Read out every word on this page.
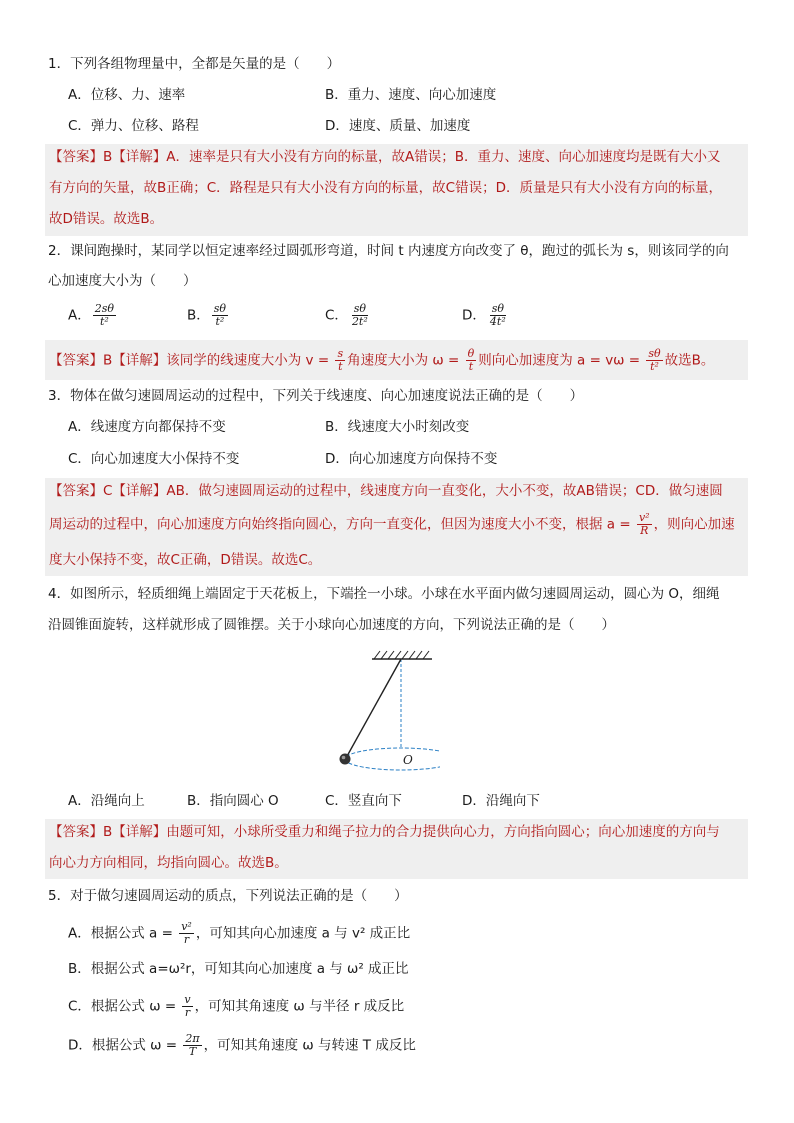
1．下列各组物理量中，全都是矢量的是（　　）
A．位移、力、速率	B．重力、速度、向心加速度
C．弹力、位移、路程	D．速度、质量、加速度
【答案】B【详解】A．速率是只有大小没有方向的标量，故A错误；B．重力、速度、向心加速度均是既有大小又
有方向的矢量，故B正确；C．路程是只有大小没有方向的标量，故C错误；D．质量是只有大小没有方向的标量，
故D错误。故选B。
2．课间跑操时，某同学以恒定速率经过圆弧形弯道，时间 t 内速度方向改变了 θ，跑过的弧长为 s，则该同学的向
心加速度大小为（　　）
A． $\frac{2s\theta}{\text{t²}}$	B． $\frac{s\theta}{\text{t²}}$	C． $\frac{s\theta}{\text{2t²}}$	D． $\frac{s\theta}{\text{4t²}}$
【答案】B【详解】该同学的线速度大小为 $v = \frac{s}{t}$ 角速度大小为 $\omega = \frac{\theta}{t}$ 则向心加速度为 $a = v\omega = \frac{s\theta}{\text{t²}}$ 故选B。
3．物体在做匀速圆周运动的过程中，下列关于线速度、向心加速度说法正确的是（　　）
A．线速度方向都保持不变	B．线速度大小时刻改变
C．向心加速度大小保持不变	D．向心加速度方向保持不变
【答案】C【详解】AB．做匀速圆周运动的过程中，线速度方向一直变化，大小不变，故AB错误；CD．做匀速圆
周运动的过程中，向心加速度方向始终指向圆心，方向一直变化，但因为速度大小不变，根据 $a = \frac{\text{v²}}{R}$ ，则向心加速
度大小保持不变，故C正确，D错误。故选C。
4．如图所示，轻质细绳上端固定于天花板上，下端拴一小球。小球在水平面内做匀速圆周运动，圆心为 O，细绳
沿圆锥面旋转，这样就形成了圆锥摆。关于小球向心加速度的方向，下列说法正确的是（　　）
O
A．沿绳向上	B．指向圆心 O	C．竖直向下	D．沿绳向下
【答案】B【详解】由题可知，小球所受重力和绳子拉力的合力提供向心力，方向指向圆心；向心加速度的方向与
向心力方向相同，均指向圆心。故选B。
5．对于做匀速圆周运动的质点，下列说法正确的是（　　）
A．根据公式 $a = \frac{\text{v²}}{r}$ ，可知其向心加速度 a 与 v² 成正比
B．根据公式 a=ω²r，可知其向心加速度 a 与 ω² 成正比
C．根据公式 $\omega = \frac{v}{r}$ ，可知其角速度 ω 与半径 r 成反比
D．根据公式 $\omega = \frac{2\pi}{T}$ ，可知其角速度 ω 与转速 T 成反比
